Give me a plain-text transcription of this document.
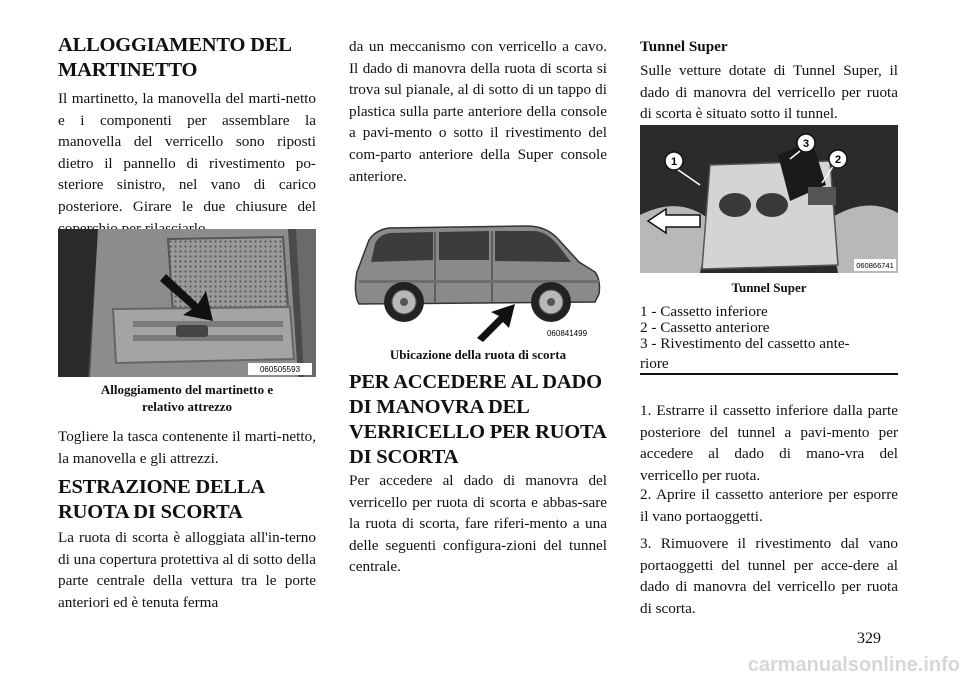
ALLOGGIAMENTO DEL
MARTINETTO

Il martinetto, la manovella del marti-netto e i componenti per assemblare la manovella del verricello sono riposti dietro il pannello di rivestimento po-steriore sinistro, nel vano di carico posteriore. Girare le due chiusure del

060505593
Alloggiamento del martinetto e
relativo attrezzo

Togliere la tasca contenente il marti-netto, la manovella e gli attrezzi.

ESTRAZIONE DELLA
RUOTA DI SCORTA

La ruota di scorta è alloggiata all'in-terno di una copertura protettiva al di sotto della parte centrale della vettura tra le porte anteriori ed è tenuta ferma

da un meccanismo con verricello a cavo. Il dado di manovra della ruota di scorta si trova sul pianale, al di sotto di un tappo di plastica sulla parte anteriore della console a pavi-mento o sotto il rivestimento del com-parto anteriore della Super console anteriore.

060841499
Ubicazione della ruota di scorta
PER ACCEDERE AL DADO
DI MANOVRA DEL
VERRICELLO PER RUOTA
DI SCORTA

Per accedere al dado di manovra del verricello per ruota di scorta e abbas-sare la ruota di scorta, fare riferi-mento a una delle seguenti configura-zioni del tunnel centrale.

Tunnel Super

Sulle vetture dotate di Tunnel Super, il dado di manovra del verricello per ruota di scorta è situato sotto il tunnel.

1
3
2
060866741
Tunnel Super
1 - Cassetto inferiore
2 - Cassetto anteriore
3 - Rivestimento del cassetto ante-
riore

1. Estrarre il cassetto inferiore dalla parte posteriore del tunnel a pavi-mento per accedere al dado di mano-vra del verricello per ruota.

2. Aprire il cassetto anteriore per esporre il vano portaoggetti.

3. Rimuovere il rivestimento dal vano portaoggetti del tunnel per acce-dere al dado di manovra del verricello per ruota di scorta.

329
carmanualsonline.info
